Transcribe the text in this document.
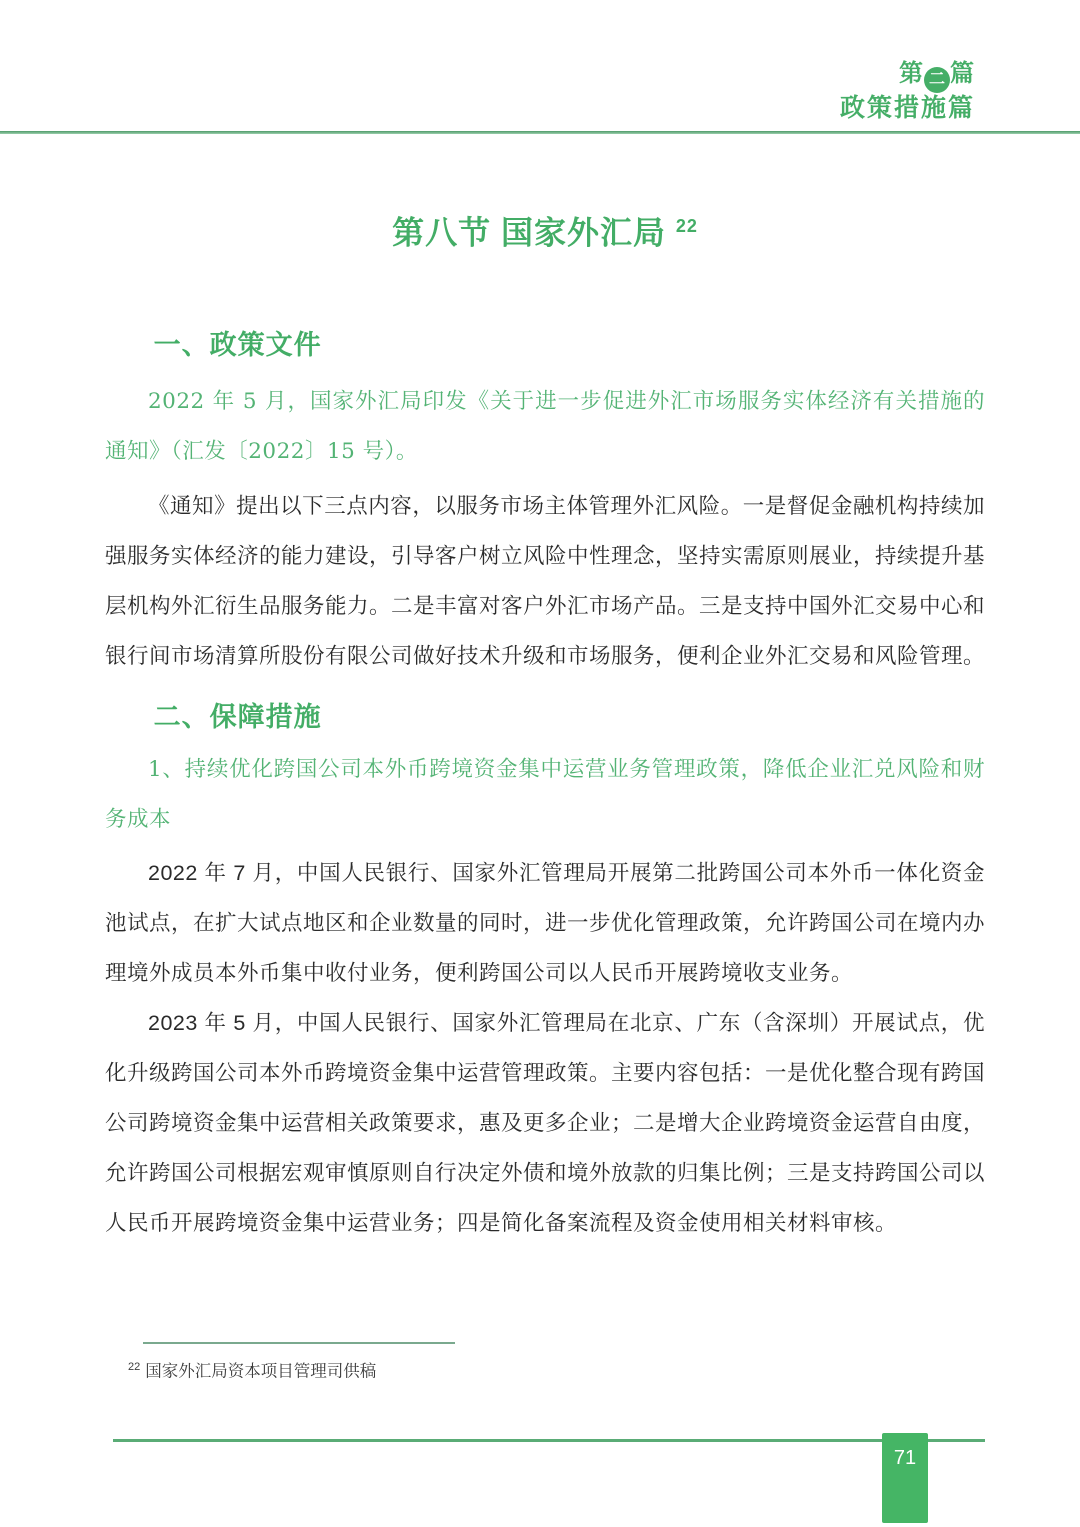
第 二 篇
政策措施篇
第八节 国家外汇局 $^{22}$
一、政策文件

2022 年 5 月，国家外汇局印发《关于进一步促进外汇市场服务实体经济有关措施的通知》（汇发〔2022〕15 号）。

《通知》提出以下三点内容，以服务市场主体管理外汇风险。一是督促金融机构持续加强服务实体经济的能力建设，引导客户树立风险中性理念，坚持实需原则展业，持续提升基层机构外汇衍生品服务能力。二是丰富对客户外汇市场产品。三是支持中国外汇交易中心和银行间市场清算所股份有限公司做好技术升级和市场服务，便利企业外汇交易和风险管理。

二、保障措施

1、持续优化跨国公司本外币跨境资金集中运营业务管理政策，降低企业汇兑风险和财务成本

2022 年 7 月，中国人民银行、国家外汇管理局开展第二批跨国公司本外币一体化资金池试点，在扩大试点地区和企业数量的同时，进一步优化管理政策，允许跨国公司在境内办理境外成员本外币集中收付业务，便利跨国公司以人民币开展跨境收支业务。

2023 年 5 月，中国人民银行、国家外汇管理局在北京、广东（含深圳）开展试点，优化升级跨国公司本外币跨境资金集中运营管理政策。主要内容包括：一是优化整合现有跨国公司跨境资金集中运营相关政策要求，惠及更多企业；二是增大企业跨境资金运营自由度，允许跨国公司根据宏观审慎原则自行决定外债和境外放款的归集比例；三是支持跨国公司以人民币开展跨境资金集中运营业务；四是简化备案流程及资金使用相关材料审核。

$^{22}$ 国家外汇局资本项目管理司供稿

71
